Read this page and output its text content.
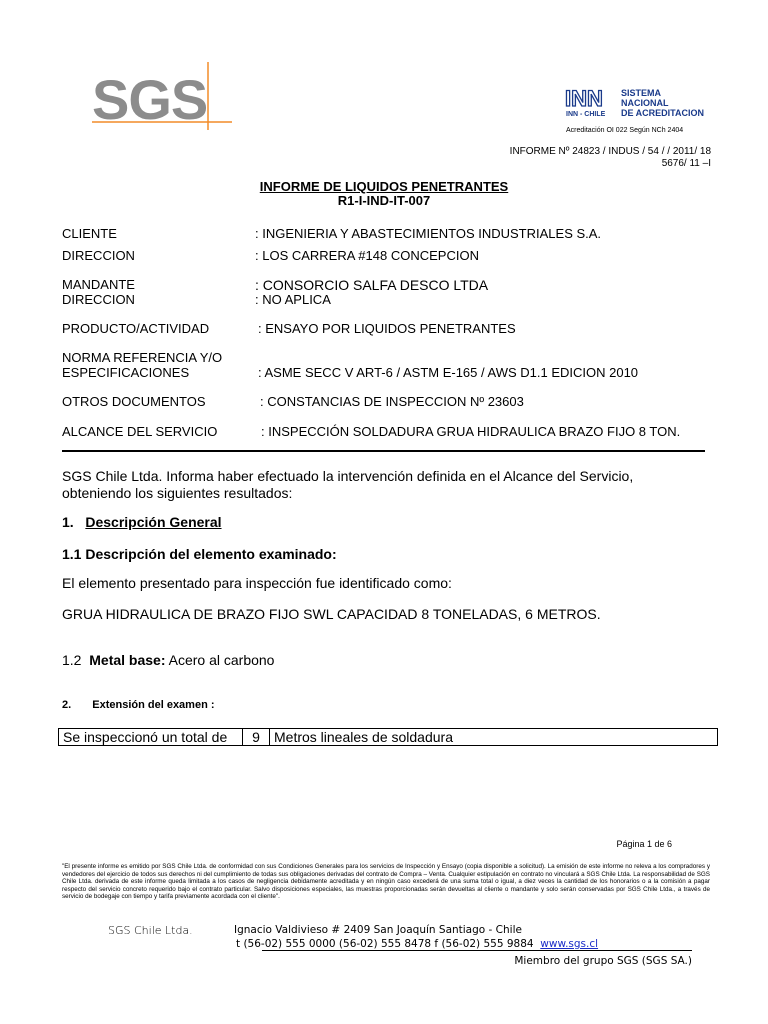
SGS	INN SISTEMA NACIONAL
DE ACREDITACION
INN - CHILE
Acreditación OI 022 Según NCh 2404
INFORME Nº 24823 / INDUS / 54 / / 2011/ 18
5676/ 11 –I
INFORME DE LIQUIDOS PENETRANTES
R1-I-IND-IT-007
CLIENTE	: INGENIERIA Y ABASTECIMIENTOS INDUSTRIALES S.A.
DIRECCION	: LOS CARRERA #148 CONCEPCION
MANDANTE	: CONSORCIO SALFA DESCO LTDA
DIRECCION	: NO APLICA
PRODUCTO/ACTIVIDAD	: ENSAYO POR LIQUIDOS PENETRANTES
NORMA REFERENCIA Y/O
ESPECIFICACIONES	: ASME SECC V ART-6 / ASTM E-165 / AWS D1.1 EDICION 2010
OTROS DOCUMENTOS	: CONSTANCIAS DE INSPECCION Nº 23603
ALCANCE DEL SERVICIO	: INSPECCIÓN SOLDADURA GRUA HIDRAULICA BRAZO FIJO 8 TON.
SGS Chile Ltda. Informa haber efectuado la intervención definida en el Alcance del Servicio,
obteniendo los siguientes resultados:
1. Descripción General
1.1 Descripción del elemento examinado:
El elemento presentado para inspección fue identificado como:
GRUA HIDRAULICA DE BRAZO FIJO SWL CAPACIDAD 8 TONELADAS, 6 METROS.
1.2 Metal base: Acero al carbono
2. Extensión del examen :
Se inspeccionó un total de	9	Metros lineales de soldadura
Página 1 de 6
"El presente informe es emitido por SGS Chile Ltda. de conformidad con sus Condiciones Generales para los servicios de Inspección y Ensayo (copia disponible a solicitud). La emisión de este informe no releva a los compradores y vendedores del ejercicio de todos sus derechos ni del cumplimiento de todas sus obligaciones derivadas del contrato de Compra – Venta. Cualquier estipulación en contrato no vinculará a SGS Chile Ltda. La responsabilidad de SGS Chile Ltda. derivada de este informe queda limitada a los casos de negligencia debidamente acreditada y en ningún caso excederá de una suma total o igual, a diez veces la cantidad de los honorarios o a la comisión a pagar respecto del servicio concreto requerido bajo el contrato particular. Salvo disposiciones especiales, las muestras proporcionadas serán devueltas al cliente o mandante y solo serán conservadas por SGS Chile Ltda., a través de servicio de bodegaje con tiempo y tarifa previamente acordada con el cliente".
SGS Chile Ltda.	Ignacio Valdivieso # 2409 San Joaquín Santiago - Chile
t (56-02) 555 0000 (56-02) 555 8478 f (56-02) 555 9884 www.sgs.cl
Miembro del grupo SGS (SGS SA.)
